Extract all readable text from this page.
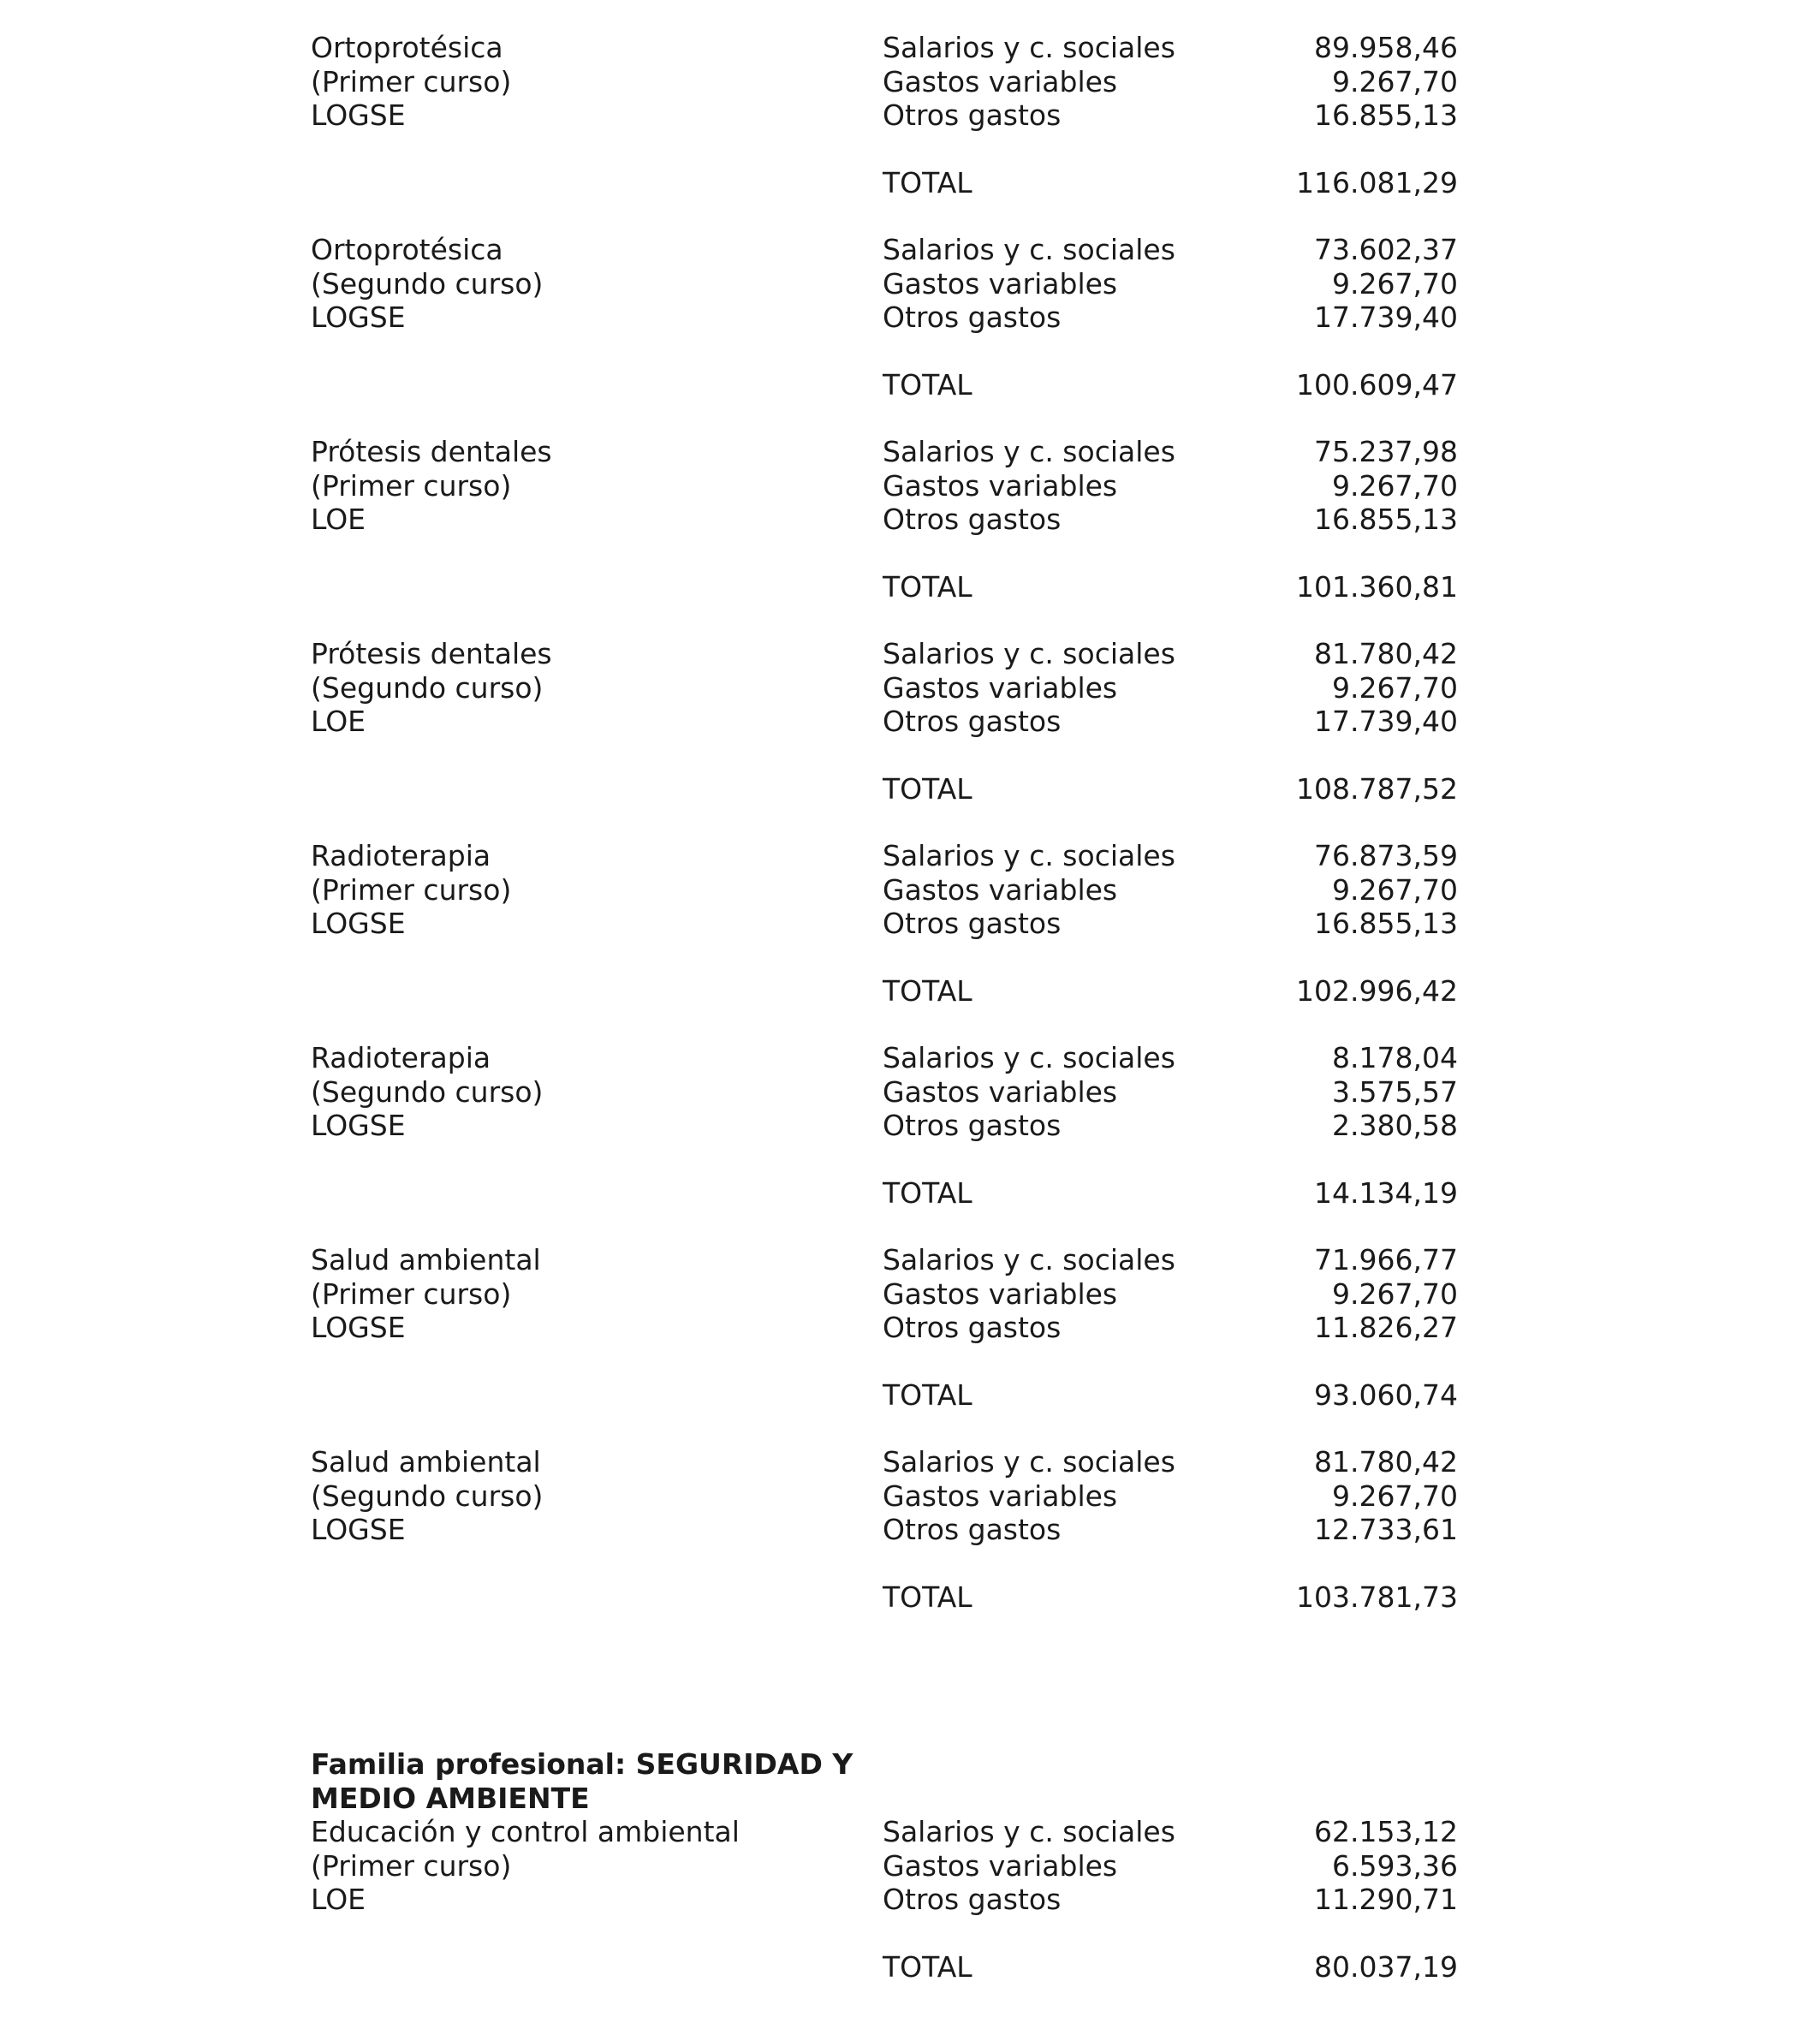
Ortoprotésica	Salarios y c. sociales	89.958,46
(Primer curso)	Gastos variables	9.267,70
LOGSE	Otros gastos	16.855,13
TOTAL	116.081,29
Ortoprotésica	Salarios y c. sociales	73.602,37
(Segundo curso)	Gastos variables	9.267,70
LOGSE	Otros gastos	17.739,40
TOTAL	100.609,47
Prótesis dentales	Salarios y c. sociales	75.237,98
(Primer curso)	Gastos variables	9.267,70
LOE	Otros gastos	16.855,13
TOTAL	101.360,81
Prótesis dentales	Salarios y c. sociales	81.780,42
(Segundo curso)	Gastos variables	9.267,70
LOE	Otros gastos	17.739,40
TOTAL	108.787,52
Radioterapia	Salarios y c. sociales	76.873,59
(Primer curso)	Gastos variables	9.267,70
LOGSE	Otros gastos	16.855,13
TOTAL	102.996,42
Radioterapia	Salarios y c. sociales	8.178,04
(Segundo curso)	Gastos variables	3.575,57
LOGSE	Otros gastos	2.380,58
TOTAL	14.134,19
Salud ambiental	Salarios y c. sociales	71.966,77
(Primer curso)	Gastos variables	9.267,70
LOGSE	Otros gastos	11.826,27
TOTAL	93.060,74
Salud ambiental	Salarios y c. sociales	81.780,42
(Segundo curso)	Gastos variables	9.267,70
LOGSE	Otros gastos	12.733,61
TOTAL	103.781,73
Familia profesional: SEGURIDAD Y
MEDIO AMBIENTE
Educación y control ambiental	Salarios y c. sociales	62.153,12
(Primer curso)	Gastos variables	6.593,36
LOE	Otros gastos	11.290,71
TOTAL	80.037,19
